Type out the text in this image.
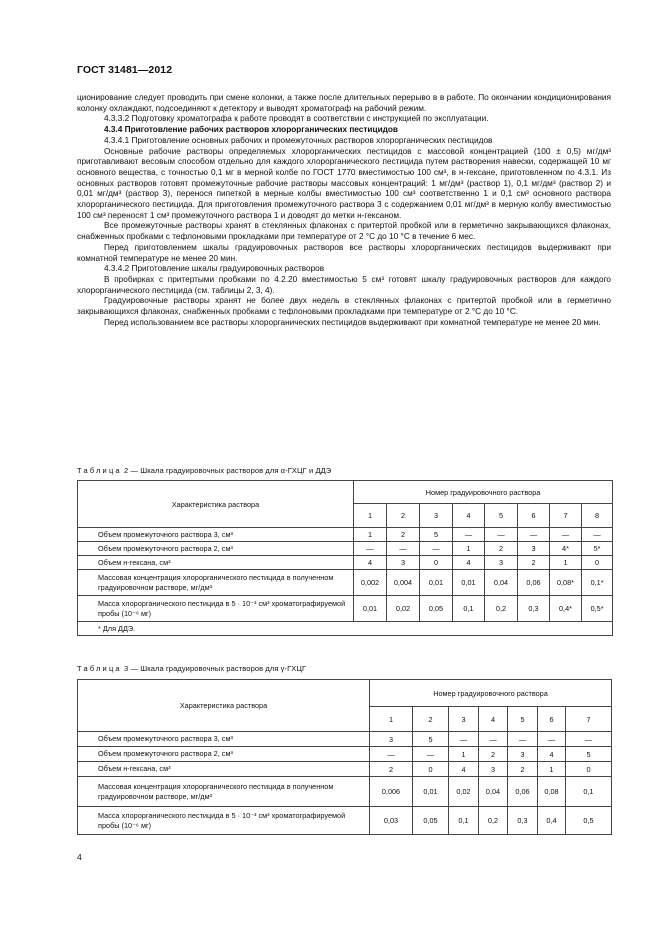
ГОСТ 31481—2012

ционирование следует проводить при смене колонки, а также после длительных перерыво в в работе. По окончании кондиционирования колонку охлаждают, подсоединяют к детектору и выводят хроматограф на рабочий режим.

4.3.3.2 Подготовку хроматографа к работе проводят в соответствии с инструкцией по эксплуатации.

4.3.4 Приготовление рабочих растворов хлорорганических пестицидов

4.3.4.1 Приготовление основных рабочих и промежуточных растворов хлорорганических пестицидов

Основные рабочие растворы определяемых хлорорганических пестицидов с массовой концентрацией (100 ± 0,5) мг/дм³ приготавливают весовым способом отдельно для каждого хлорорганического пестицида путем растворения навески, содержащей 10 мг основного вещества, с точностью 0,1 мг в мерной колбе по ГОСТ 1770 вместимостью 100 см³, в н-гексане, приготовленном по 4.3.1. Из основных растворов готовят промежуточные рабочие растворы массовых концентраций: 1 мг/дм³ (раствор 1), 0,1 мг/дм³ (раствор 2) и 0,01 мг/дм³ (раствор 3), перенося пипеткой в мерные колбы вместимостью 100 см³ соответственно 1 и 0,1 см³ основного раствора хлорорганического пестицида. Для приготовления промежуточного раствора 3 с содержанием 0,01 мг/дм³ в мерную колбу вместимостью 100 см³ переносят 1 см³ промежуточного раствора 1 и доводят до метки н-гексаном.

Все промежуточные растворы хранят в стеклянных флаконах с притертой пробкой или в герметично закрывающихся флаконах, снабженных пробками с тефлоновыми прокладками при температуре от 2 °С до 10 °С в течение 6 мес.

Перед приготовлением шкалы градуировочных растворов все растворы хлорорганических пестицидов выдерживают при комнатной температуре не менее 20 мин.

4.3.4.2 Приготовление шкалы градуировочных растворов

В пробирках с притертыми пробками по 4.2.20 вместимостью 5 см³ готовят шкалу градуировочных растворов для каждого хлорорганического пестицида (см. таблицы 2, 3, 4).

Градуировочные растворы хранят не более двух недель в стеклянных флаконах с притертой пробкой или в герметично закрывающихся флаконах, снабженных пробками с тефлоновыми прокладками при температуре от 2 °С до 10 °С.

Перед использованием все растворы хлорорганических пестицидов выдерживают при комнатной температуре не менее 20 мин.

Таблица 2 — Шкала градуировочных растворов для α-ГХЦГ и ДДЭ
Характеристика раствора	Номер градуировочного раствора							
	1	2	3	4	5	6	7	8
Объем промежуточного раствора 3, см³	1	2	5	—	—	—	—	—
Объем промежуточного раствора 2, см³	—	—	—	1	2	3	4*	5*
Объем н-гексана, см³	4	3	0	4	3	2	1	0
Массовая концентрация хлорорганического пестицида в полученном градуировочном растворе, мг/дм³	0,002	0,004	0,01	0,01	0,04	0,06	0,08*	0,1*
Масса хлорорганического пестицида в 5 · 10⁻³ см³ хроматографируемой пробы (10⁻⁶ мг)	0,01	0,02	0,05	0,1	0,2	0,3	0,4*	0,5*
* Для ДДЭ.								
Таблица 3 — Шкала градуировочных растворов для γ-ГХЦГ
Характеристика раствора	Номер градуировочного раствора						
	1	2	3	4	5	6	7
Объем промежуточного раствора 3, см³	3	5	—	—	—	—	—
Объем промежуточного раствора 2, см³	—	—	1	2	3	4	5
Объем н-гексана, см³	2	0	4	3	2	1	0
Массовая концентрация хлорорганического пестицида в полученном градуировочном растворе, мг/дм³	0,006	0,01	0,02	0,04	0,06	0,08	0,1
Масса хлорорганического пестицида в 5 · 10⁻³ см³ хроматографируемой пробы (10⁻⁶ мг)	0,03	0,05	0,1	0,2	0,3	0,4	0,5
4
